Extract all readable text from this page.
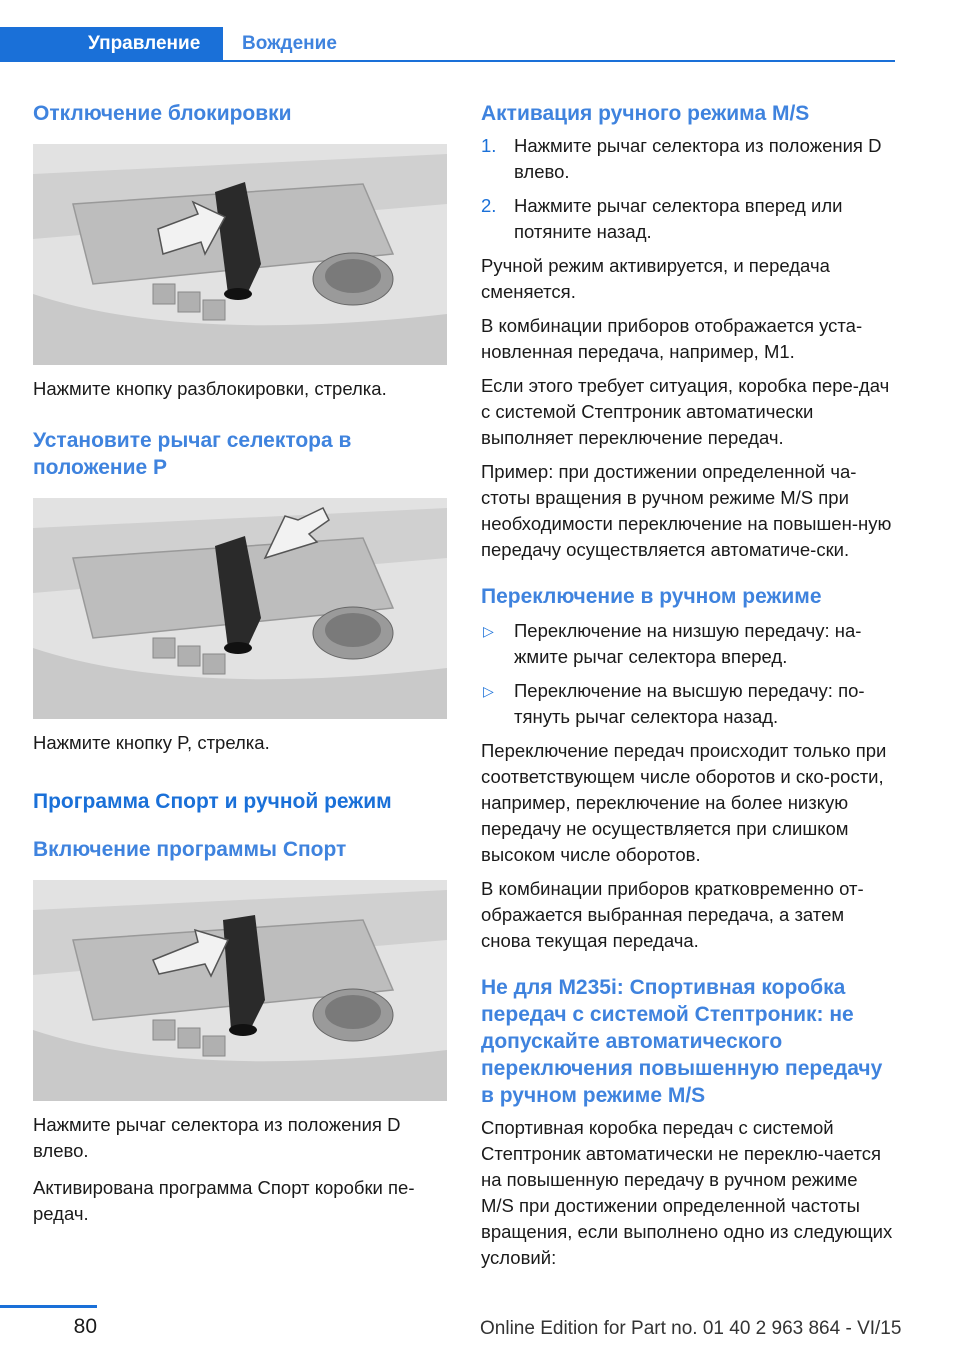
Управление	Вождение
Отключение блокировки

Нажмите кнопку разблокировки, стрелка.

Установите рычаг селектора в положение P

Нажмите кнопку P, стрелка.

Программа Спорт и ручной режим
Включение программы Спорт

Нажмите рычаг селектора из положения D влево.

Активирована программа Спорт коробки пе-редач.

Активация ручного режима M/S
1. Нажмите рычаг селектора из положения D влево.
2. Нажмите рычаг селектора вперед или потяните назад.

Ручной режим активируется, и передача сменяется.

В комбинации приборов отображается уста-новленная передача, например, M1.

Если этого требует ситуация, коробка пере-дач с системой Стептроник автоматически выполняет переключение передач.

Пример: при достижении определенной ча-стоты вращения в ручном режиме M/S при необходимости переключение на повышен-ную передачу осуществляется автоматиче-ски.

Переключение в ручном режиме
▷ Переключение на низшую передачу: на-жмите рычаг селектора вперед.
▷ Переключение на высшую передачу: по-тянуть рычаг селектора назад.

Переключение передач происходит только при соответствующем числе оборотов и ско-рости, например, переключение на более низкую передачу не осуществляется при слишком высоком числе оборотов.

В комбинации приборов кратковременно от-ображается выбранная передача, а затем снова текущая передача.

Не для M235i: Спортивная коробка передач с системой Стептроник: не допускайте автоматического переключения повышенную передачу в ручном режиме M/S

Спортивная коробка передач с системой Стептроник автоматически не переклю-чается на повышенную передачу в ручном режиме M/S при достижении определенной частоты вращения, если выполнено одно из следующих условий:

80	Online Edition for Part no. 01 40 2 963 864 - VI/15
